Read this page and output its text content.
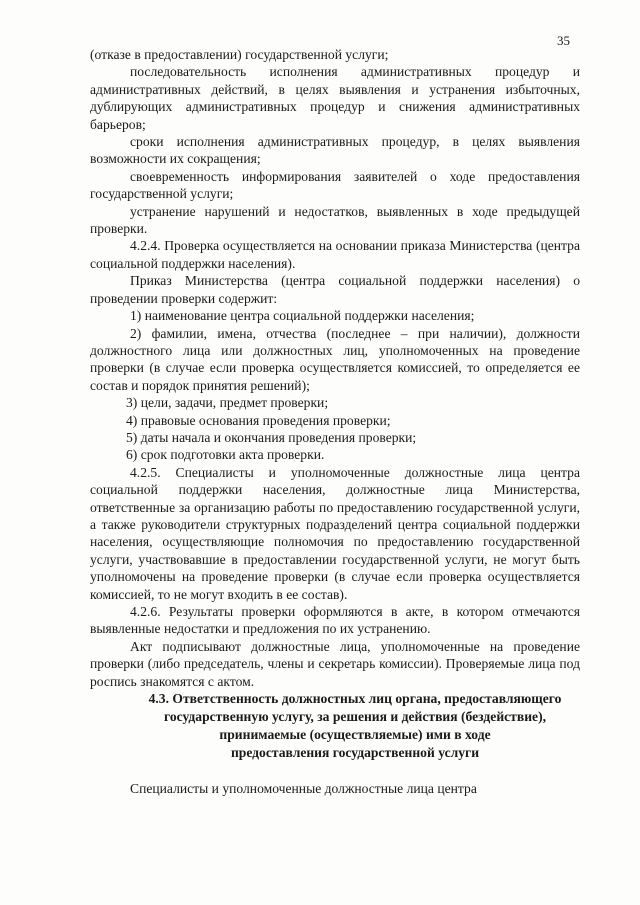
35

(отказе в предоставлении) государственной услуги;

последовательность исполнения административных процедур и административных действий, в целях выявления и устранения избыточных, дублирующих административных процедур и снижения административных барьеров;

сроки исполнения административных процедур, в целях выявления возможности их сокращения;

своевременность информирования заявителей о ходе предоставления государственной услуги;

устранение нарушений и недостатков, выявленных в ходе предыдущей проверки.

4.2.4. Проверка осуществляется на основании приказа Министерства (центра социальной поддержки населения).

Приказ Министерства (центра социальной поддержки населения) о проведении проверки содержит:

1) наименование центра социальной поддержки населения;

2) фамилии, имена, отчества (последнее – при наличии), должности должностного лица или должностных лиц, уполномоченных на проведение проверки (в случае если проверка осуществляется комиссией, то определяется ее состав и порядок принятия решений);

3) цели, задачи, предмет проверки;

4) правовые основания проведения проверки;

5) даты начала и окончания проведения проверки;

6) срок подготовки акта проверки.

4.2.5. Специалисты и уполномоченные должностные лица центра социальной поддержки населения, должностные лица Министерства, ответственные за организацию работы по предоставлению государственной услуги, а также руководители структурных подразделений центра социальной поддержки населения, осуществляющие полномочия по предоставлению государственной услуги, участвовавшие в предоставлении государственной услуги, не могут быть уполномочены на проведение проверки (в случае если проверка осуществляется комиссией, то не могут входить в ее состав).

4.2.6. Результаты проверки оформляются в акте, в котором отмечаются выявленные недостатки и предложения по их устранению.

Акт подписывают должностные лица, уполномоченные на проведение проверки (либо председатель, члены и секретарь комиссии). Проверяемые лица под роспись знакомятся с актом.

4.3. Ответственность должностных лиц органа, предоставляющего
государственную услугу, за решения и действия (бездействие),
принимаемые (осуществляемые) ими в ходе
предоставления государственной услуги

Специалисты и уполномоченные должностные лица центра
